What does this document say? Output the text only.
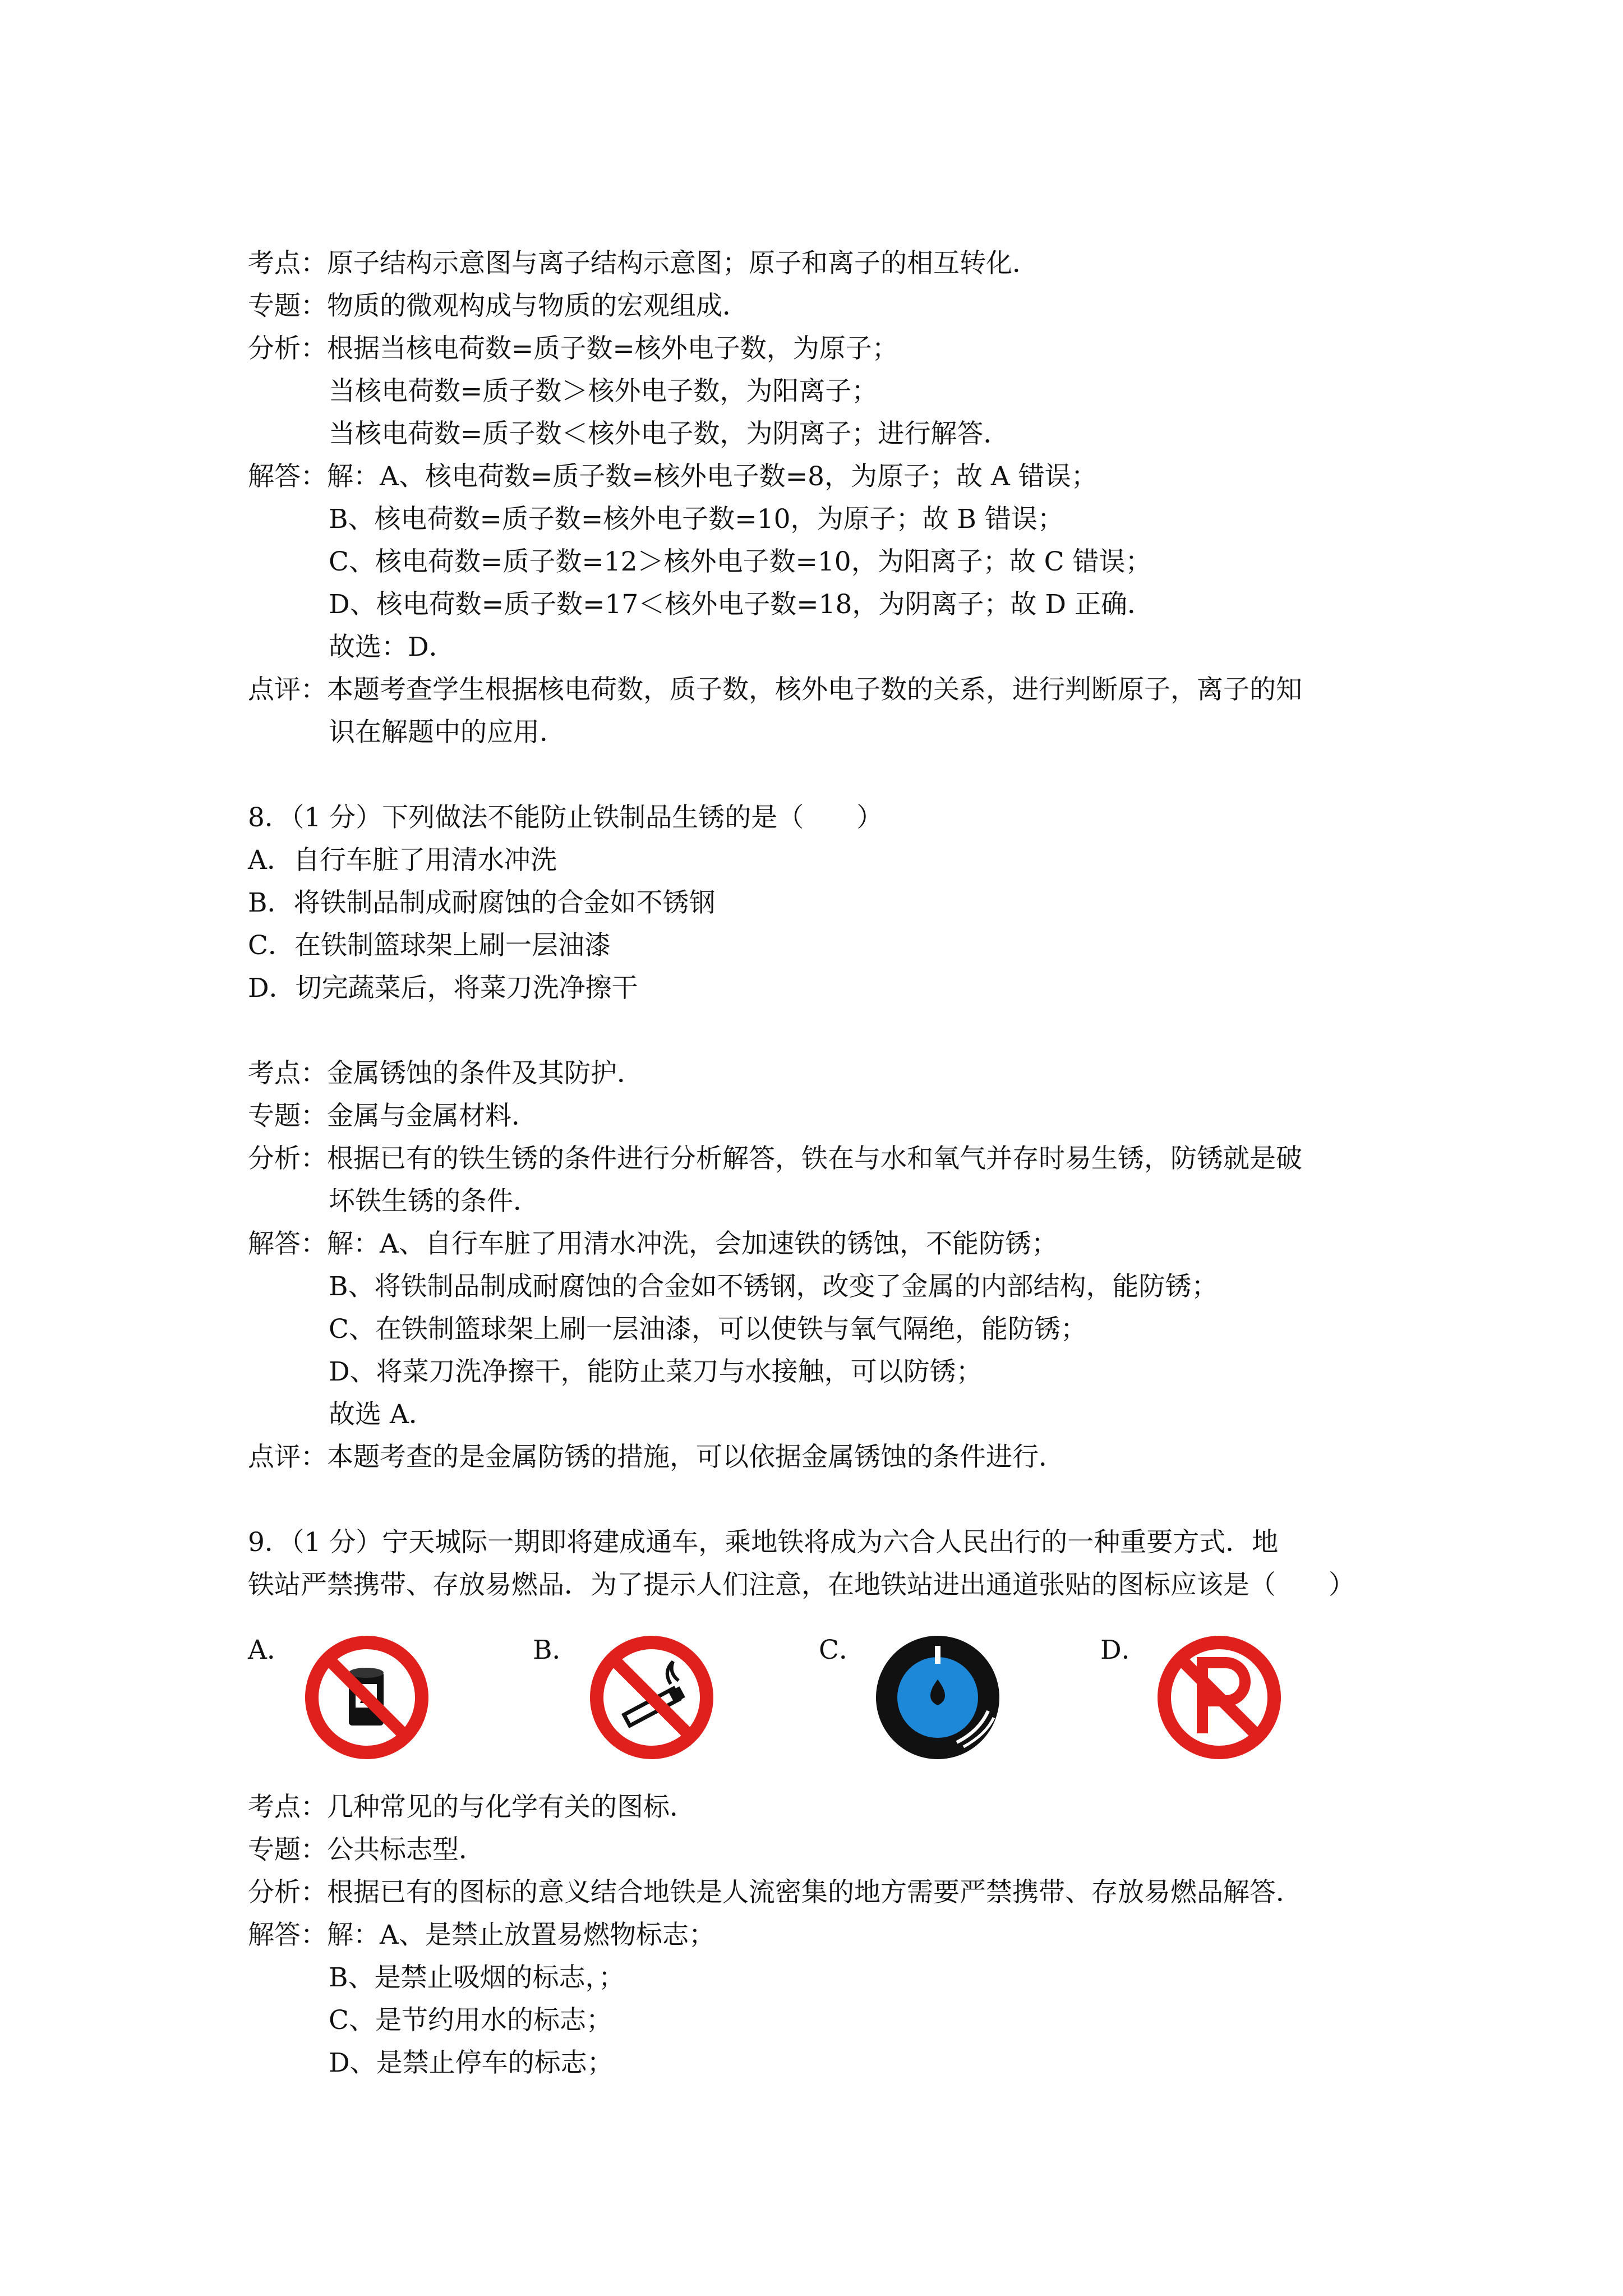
考点：原子结构示意图与离子结构示意图；原子和离子的相互转化．
专题：物质的微观构成与物质的宏观组成．
分析：根据当核电荷数=质子数=核外电子数，为原子；
当核电荷数=质子数＞核外电子数，为阳离子；
当核电荷数=质子数＜核外电子数，为阴离子；进行解答．
解答：解：A、核电荷数=质子数=核外电子数=8，为原子；故 A 错误；
B、核电荷数=质子数=核外电子数=10，为原子；故 B 错误；
C、核电荷数=质子数=12＞核外电子数=10，为阳离子；故 C 错误；
D、核电荷数=质子数=17＜核外电子数=18，为阴离子；故 D 正确．
故选：D．
点评：本题考查学生根据核电荷数，质子数，核外电子数的关系，进行判断原子，离子的知
识在解题中的应用．
8．（1 分）下列做法不能防止铁制品生锈的是（　　）
A．自行车脏了用清水冲洗
B．将铁制品制成耐腐蚀的合金如不锈钢
C．在铁制篮球架上刷一层油漆
D．切完蔬菜后，将菜刀洗净擦干
考点：金属锈蚀的条件及其防护．
专题：金属与金属材料．
分析：根据已有的铁生锈的条件进行分析解答，铁在与水和氧气并存时易生锈，防锈就是破
坏铁生锈的条件．
解答：解：A、自行车脏了用清水冲洗，会加速铁的锈蚀，不能防锈；
B、将铁制品制成耐腐蚀的合金如不锈钢，改变了金属的内部结构，能防锈；
C、在铁制篮球架上刷一层油漆，可以使铁与氧气隔绝，能防锈；
D、将菜刀洗净擦干，能防止菜刀与水接触，可以防锈；
故选 A．
点评：本题考查的是金属防锈的措施，可以依据金属锈蚀的条件进行．
9．（1 分）宁天城际一期即将建成通车，乘地铁将成为六合人民出行的一种重要方式．地
铁站严禁携带、存放易燃品．为了提示人们注意，在地铁站进出通道张贴的图标应该是（　　）
A．	B．	C．	D．
考点：几种常见的与化学有关的图标．
专题：公共标志型．
分析：根据已有的图标的意义结合地铁是人流密集的地方需要严禁携带、存放易燃品解答．
解答：解：A、是禁止放置易燃物标志；
B、是禁止吸烟的标志，；
C、是节约用水的标志；
D、是禁止停车的标志；
